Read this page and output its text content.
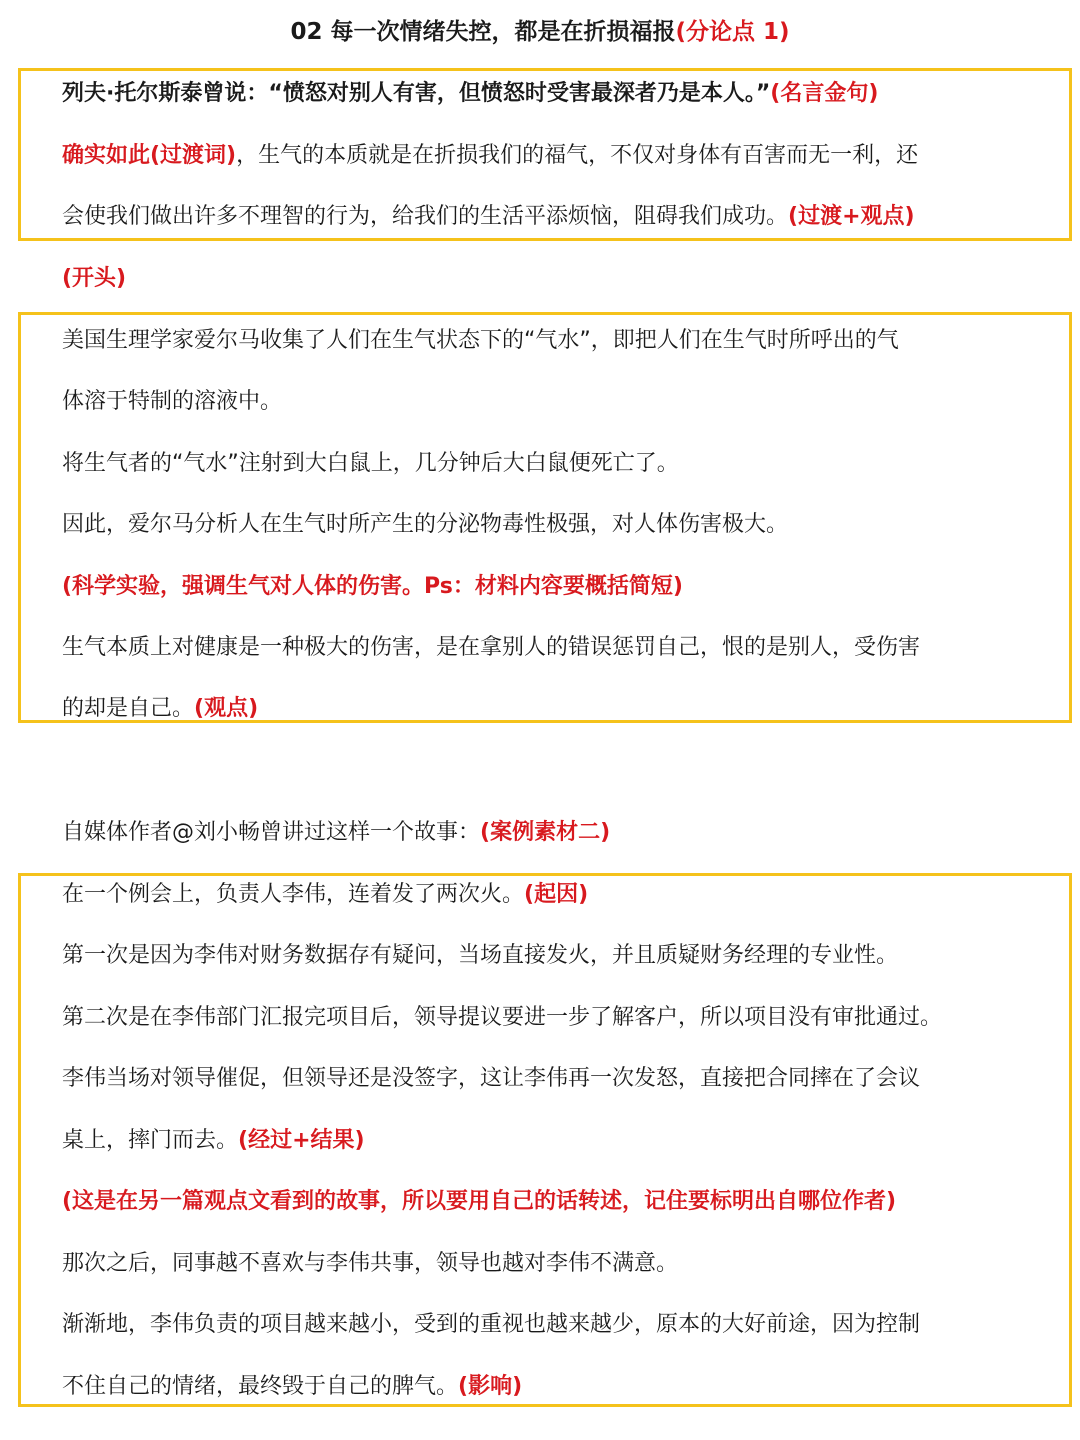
02 每一次情绪失控，都是在折损福报(分论点 1)
列夫·托尔斯泰曾说：“愤怒对别人有害，但愤怒时受害最深者乃是本人。”(名言金句)
确实如此(过渡词)，生气的本质就是在折损我们的福气，不仅对身体有百害而无一利，还
会使我们做出许多不理智的行为，给我们的生活平添烦恼，阻碍我们成功。(过渡+观点)
(开头)
美国生理学家爱尔马收集了人们在生气状态下的“气水”，即把人们在生气时所呼出的气
体溶于特制的溶液中。
将生气者的“气水”注射到大白鼠上，几分钟后大白鼠便死亡了。
因此，爱尔马分析人在生气时所产生的分泌物毒性极强，对人体伤害极大。
(科学实验，强调生气对人体的伤害。Ps：材料内容要概括简短)
生气本质上对健康是一种极大的伤害，是在拿别人的错误惩罚自己，恨的是别人，受伤害
的却是自己。(观点)
自媒体作者@刘小畅曾讲过这样一个故事：(案例素材二)
在一个例会上，负责人李伟，连着发了两次火。(起因)
第一次是因为李伟对财务数据存有疑问，当场直接发火，并且质疑财务经理的专业性。
第二次是在李伟部门汇报完项目后，领导提议要进一步了解客户，所以项目没有审批通过。
李伟当场对领导催促，但领导还是没签字，这让李伟再一次发怒，直接把合同摔在了会议
桌上，摔门而去。(经过+结果)
(这是在另一篇观点文看到的故事，所以要用自己的话转述，记住要标明出自哪位作者)
那次之后，同事越不喜欢与李伟共事，领导也越对李伟不满意。
渐渐地，李伟负责的项目越来越小，受到的重视也越来越少，原本的大好前途，因为控制
不住自己的情绪，最终毁于自己的脾气。(影响)
